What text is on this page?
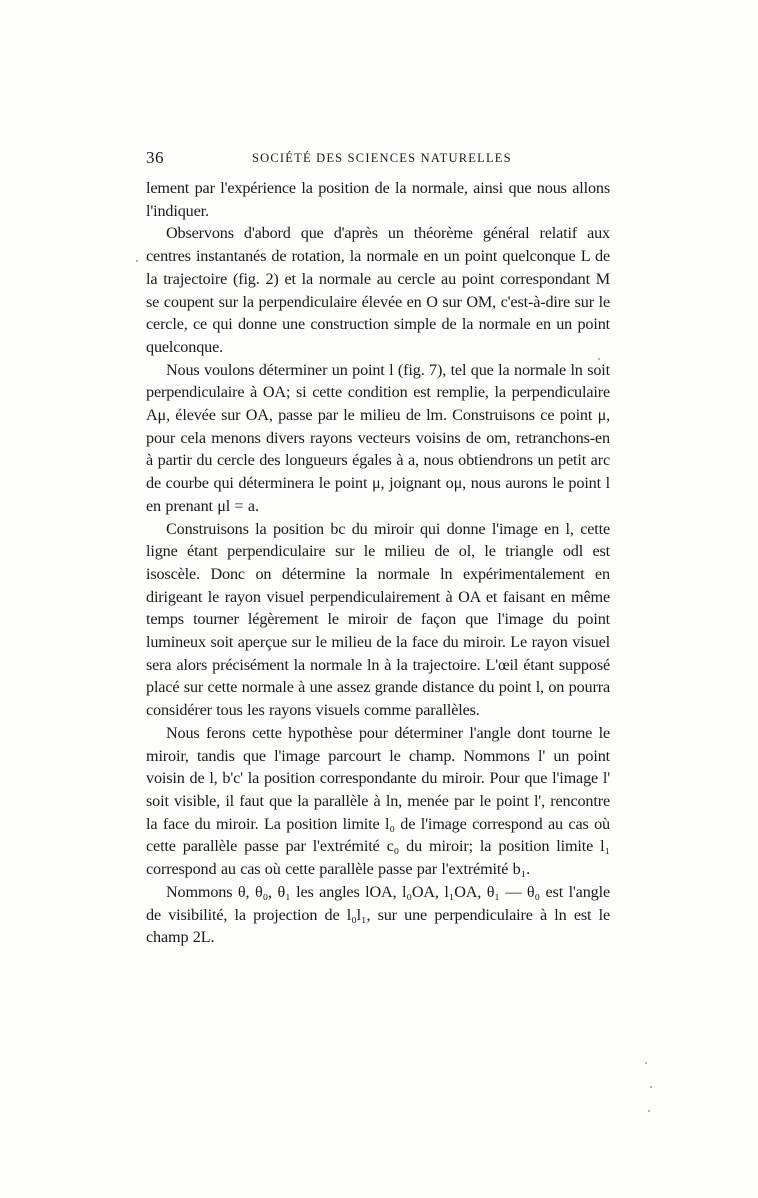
36	SOCIÉTÉ DES SCIENCES NATURELLES

lement par l'expérience la position de la normale, ainsi que nous allons l'indiquer.

Observons d'abord que d'après un théorème général relatif aux centres instantanés de rotation, la normale en un point quelconque L de la trajectoire (fig. 2) et la normale au cercle au point correspondant M se coupent sur la perpendiculaire élevée en O sur OM, c'est-à-dire sur le cercle, ce qui donne une construction simple de la normale en un point quelconque.

Nous voulons déterminer un point l (fig. 7), tel que la normale ln soit perpendiculaire à OA; si cette condition est remplie, la perpendiculaire Aμ, élevée sur OA, passe par le milieu de lm. Construisons ce point μ, pour cela menons divers rayons vecteurs voisins de om, retranchons-en à partir du cercle des longueurs égales à a, nous obtiendrons un petit arc de courbe qui déterminera le point μ, joignant oμ, nous aurons le point l en prenant μl = a.

Construisons la position bc du miroir qui donne l'image en l, cette ligne étant perpendiculaire sur le milieu de ol, le triangle odl est isoscèle. Donc on détermine la normale ln expérimentalement en dirigeant le rayon visuel perpendiculairement à OA et faisant en même temps tourner légèrement le miroir de façon que l'image du point lumineux soit aperçue sur le milieu de la face du miroir. Le rayon visuel sera alors précisément la normale ln à la trajectoire. L'œil étant supposé placé sur cette normale à une assez grande distance du point l, on pourra considérer tous les rayons visuels comme parallèles.

Nous ferons cette hypothèse pour déterminer l'angle dont tourne le miroir, tandis que l'image parcourt le champ. Nommons l' un point voisin de l, b'c' la position correspondante du miroir. Pour que l'image l' soit visible, il faut que la parallèle à ln, menée par le point l', rencontre la face du miroir. La position limite l₀ de l'image correspond au cas où cette parallèle passe par l'extrémité c₀ du miroir; la position limite l₁ correspond au cas où cette parallèle passe par l'extrémité b₁.

Nommons θ, θ₀, θ₁ les angles lOA, l₀OA, l₁OA, θ₁ — θ₀ est l'angle de visibilité, la projection de l₀l₁, sur une perpendiculaire à ln est le champ 2L.
